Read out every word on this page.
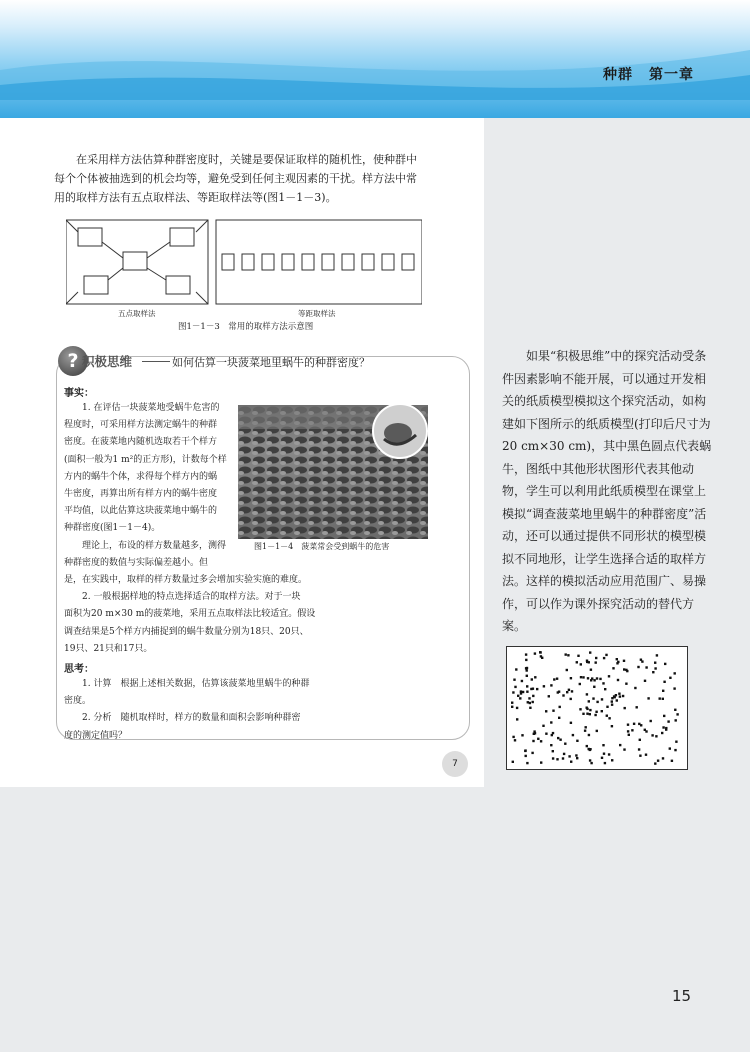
种群 第一章
在采用样方法估算种群密度时，关键是要保证取样的随机性，使种群中每个个体被抽选到的机会均等，避免受到任何主观因素的干扰。样方法中常用的取样方法有五点取样法、等距取样法等(图1－1－3)。
五点取样法	等距取样法
图1－1－3　常用的取样方法示意图
? 积极思维	如何估算一块菠菜地里蜗牛的种群密度？
事实：
1. 在评估一块菠菜地受蜗牛危害的
程度时，可采用样方法测定蜗牛的种群
密度。在菠菜地内随机选取若干个样方
(面积一般为1 m²的正方形)，计数每个样
方内的蜗牛个体，求得每个样方内的蜗
牛密度，再算出所有样方内的蜗牛密度
平均值，以此估算这块菠菜地中蜗牛的
种群密度(图1－1－4)。
　　理论上，布设的样方数量越多，测得
种群密度的数值与实际偏差越小。但
图1－1－4　菠菜常会受到蜗牛的危害
是，在实践中，取样的样方数量过多会增加实验实施的难度。
　　2. 一般根据样地的特点选择适合的取样方法。对于一块
面积为20 m×30 m的菠菜地，采用五点取样法比较适宜。假设
调查结果是5个样方内捕捉到的蜗牛数量分别为18只、20只、
19只、21只和17只。
思考：
1. 计算　根据上述相关数据，估算该菠菜地里蜗牛的种群
密度。
2. 分析　随机取样时，样方的数量和面积会影响种群密
度的测定值吗？
7
如果“积极思维”中的探究活动受条件因素影响不能开展，可以通过开发相关的纸质模型模拟这个探究活动，如构建如下图所示的纸质模型(打印后尺寸为20 cm×30 cm)，其中黑色圆点代表蜗牛，图纸中其他形状图形代表其他动物，学生可以利用此纸质模型在课堂上模拟“调查菠菜地里蜗牛的种群密度”活动，还可以通过提供不同形状的模型模拟不同地形，让学生选择合适的取样方法。这样的模拟活动应用范围广、易操作，可以作为课外探究活动的替代方案。
15
